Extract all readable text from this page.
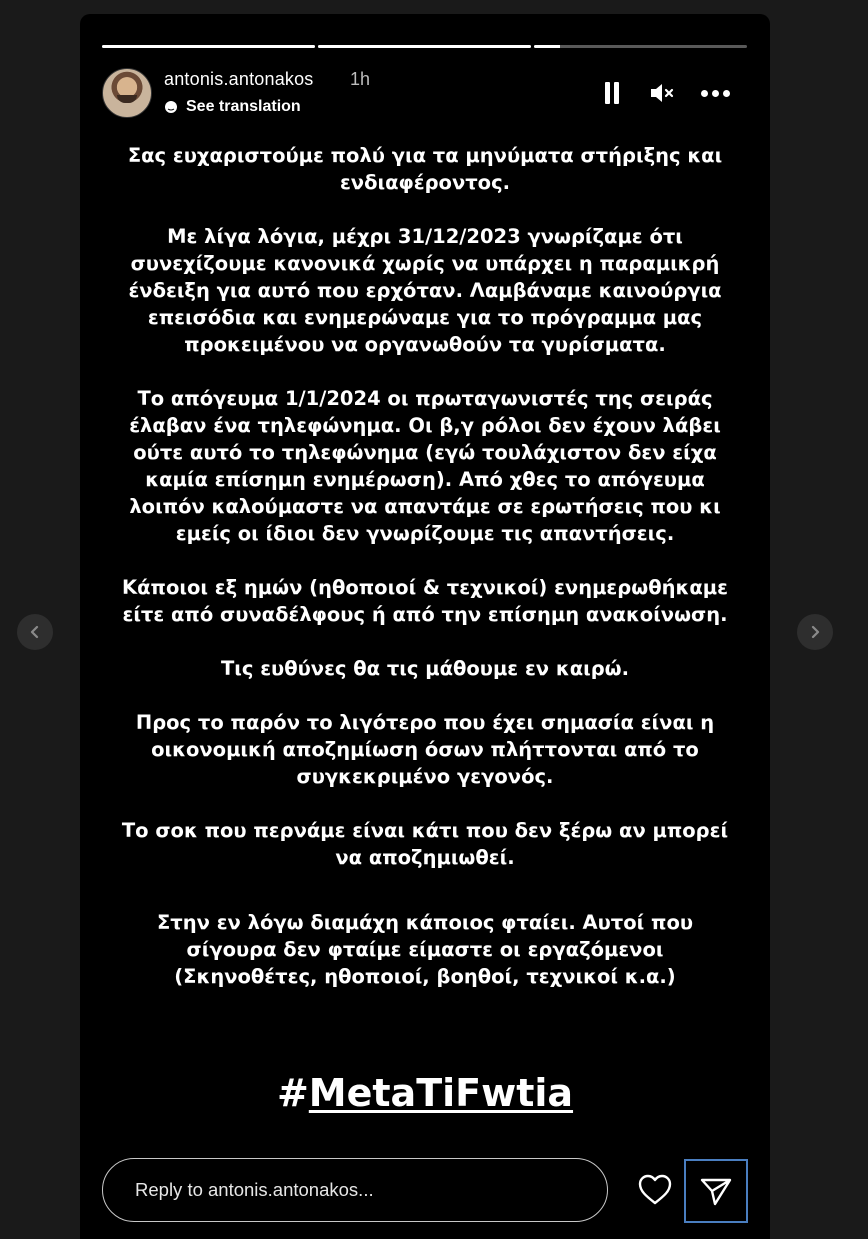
antonis.antonakos 1h
See translation

Σας ευχαριστούμε πολύ για τα μηνύματα στήριξης και
ενδιαφέροντος.

Με λίγα λόγια, μέχρι 31/12/2023 γνωρίζαμε ότι
συνεχίζουμε κανονικά χωρίς να υπάρχει η παραμικρή
ένδειξη για αυτό που ερχόταν. Λαμβάναμε καινούργια
επεισόδια και ενημερώναμε για το πρόγραμμα μας
προκειμένου να οργανωθούν τα γυρίσματα.

Το απόγευμα 1/1/2024 οι πρωταγωνιστές της σειράς
έλαβαν ένα τηλεφώνημα. Οι β,γ ρόλοι δεν έχουν λάβει
ούτε αυτό το τηλεφώνημα (εγώ τουλάχιστον δεν είχα
καμία επίσημη ενημέρωση). Από χθες το απόγευμα
λοιπόν καλούμαστε να απαντάμε σε ερωτήσεις που κι
εμείς οι ίδιοι δεν γνωρίζουμε τις απαντήσεις.

Κάποιοι εξ ημών (ηθοποιοί & τεχνικοί) ενημερωθήκαμε
είτε από συναδέλφους ή από την επίσημη ανακοίνωση.

Τις ευθύνες θα τις μάθουμε εν καιρώ.

Προς το παρόν το λιγότερο που έχει σημασία είναι η
οικονομική αποζημίωση όσων πλήττονται από το
συγκεκριμένο γεγονός.

Το σοκ που περνάμε είναι κάτι που δεν ξέρω αν μπορεί
να αποζημιωθεί.

Στην εν λόγω διαμάχη κάποιος φταίει. Αυτοί που
σίγουρα δεν φταίμε είμαστε οι εργαζόμενοι
(Σκηνοθέτες, ηθοποιοί, βοηθοί, τεχνικοί κ.α.)

#MetaTiFwtia
Reply to antonis.antonakos...
